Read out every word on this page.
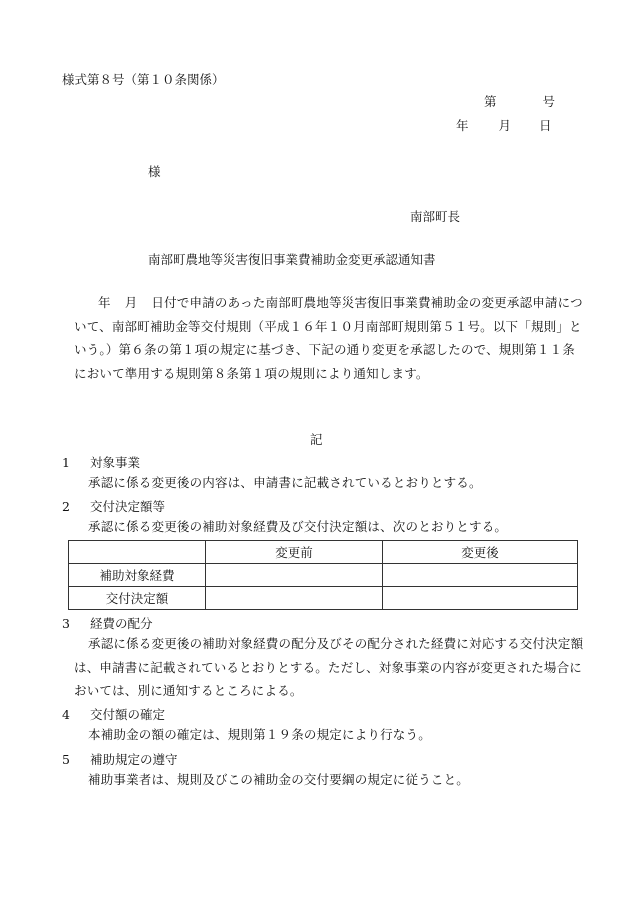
様式第８号（第１０条関係）
第	号
年 月 日
様
南部町長
南部町農地等災害復旧事業費補助金変更承認通知書
年 月 日付で申請のあった南部町農地等災害復旧事業費補助金の変更承認申請について、南部町補助金等交付規則（平成１６年１０月南部町規則第５１号。以下「規則」という。）第６条の第１項の規定に基づき、下記の通り変更を承認したので、規則第１１条において準用する規則第８条第１項の規則により通知します。
記
1 対象事業
承認に係る変更後の内容は、申請書に記載されているとおりとする。
2 交付決定額等
承認に係る変更後の補助対象経費及び交付決定額は、次のとおりとする。
	変更前	変更後
補助対象経費		
交付決定額		
3 経費の配分
承認に係る変更後の補助対象経費の配分及びその配分された経費に対応する交付決定額は、申請書に記載されているとおりとする。ただし、対象事業の内容が変更された場合においては、別に通知するところによる。
4 交付額の確定
本補助金の額の確定は、規則第１９条の規定により行なう。
5 補助規定の遵守
補助事業者は、規則及びこの補助金の交付要綱の規定に従うこと。
